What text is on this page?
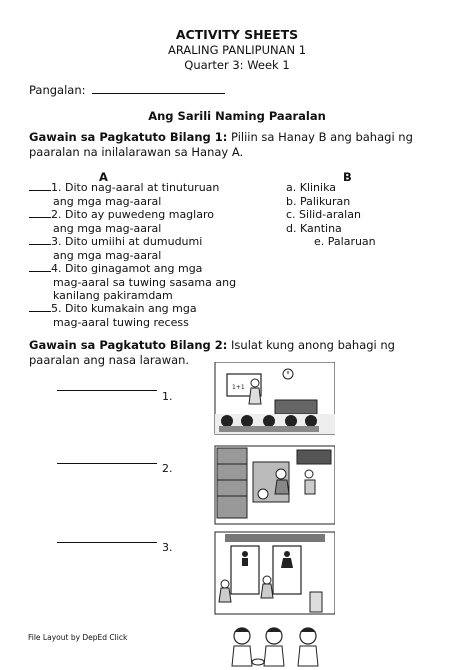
ACTIVITY SHEETS
ARALING PANLIPUNAN 1
Quarter 3: Week 1
Pangalan:
Ang Sarili Naming Paaralan
Gawain sa Pagkatuto Bilang 1: Piliin sa Hanay B ang bahagi ng paaralan na inilalarawan sa Hanay A.
A	B
1. Dito nag-aaral at tinuturuan
ang mga mag-aaral
2. Dito ay puwedeng maglaro
ang mga mag-aaral
3. Dito umiihi at dumudumi
ang mga mag-aaral
4. Dito ginagamot ang mga
mag-aaral sa tuwing sasama ang
kanilang pakiramdam
5. Dito kumakain ang mga
mag-aaral tuwing recess
a. Klinika
b. Palikuran
c. Silid-aralan
d. Kantina
e. Palaruan
Gawain sa Pagkatuto Bilang 2: Isulat kung anong bahagi ng paaralan ang nasa larawan.
1.
2.
3.
1+1
File Layout by DepEd Click
